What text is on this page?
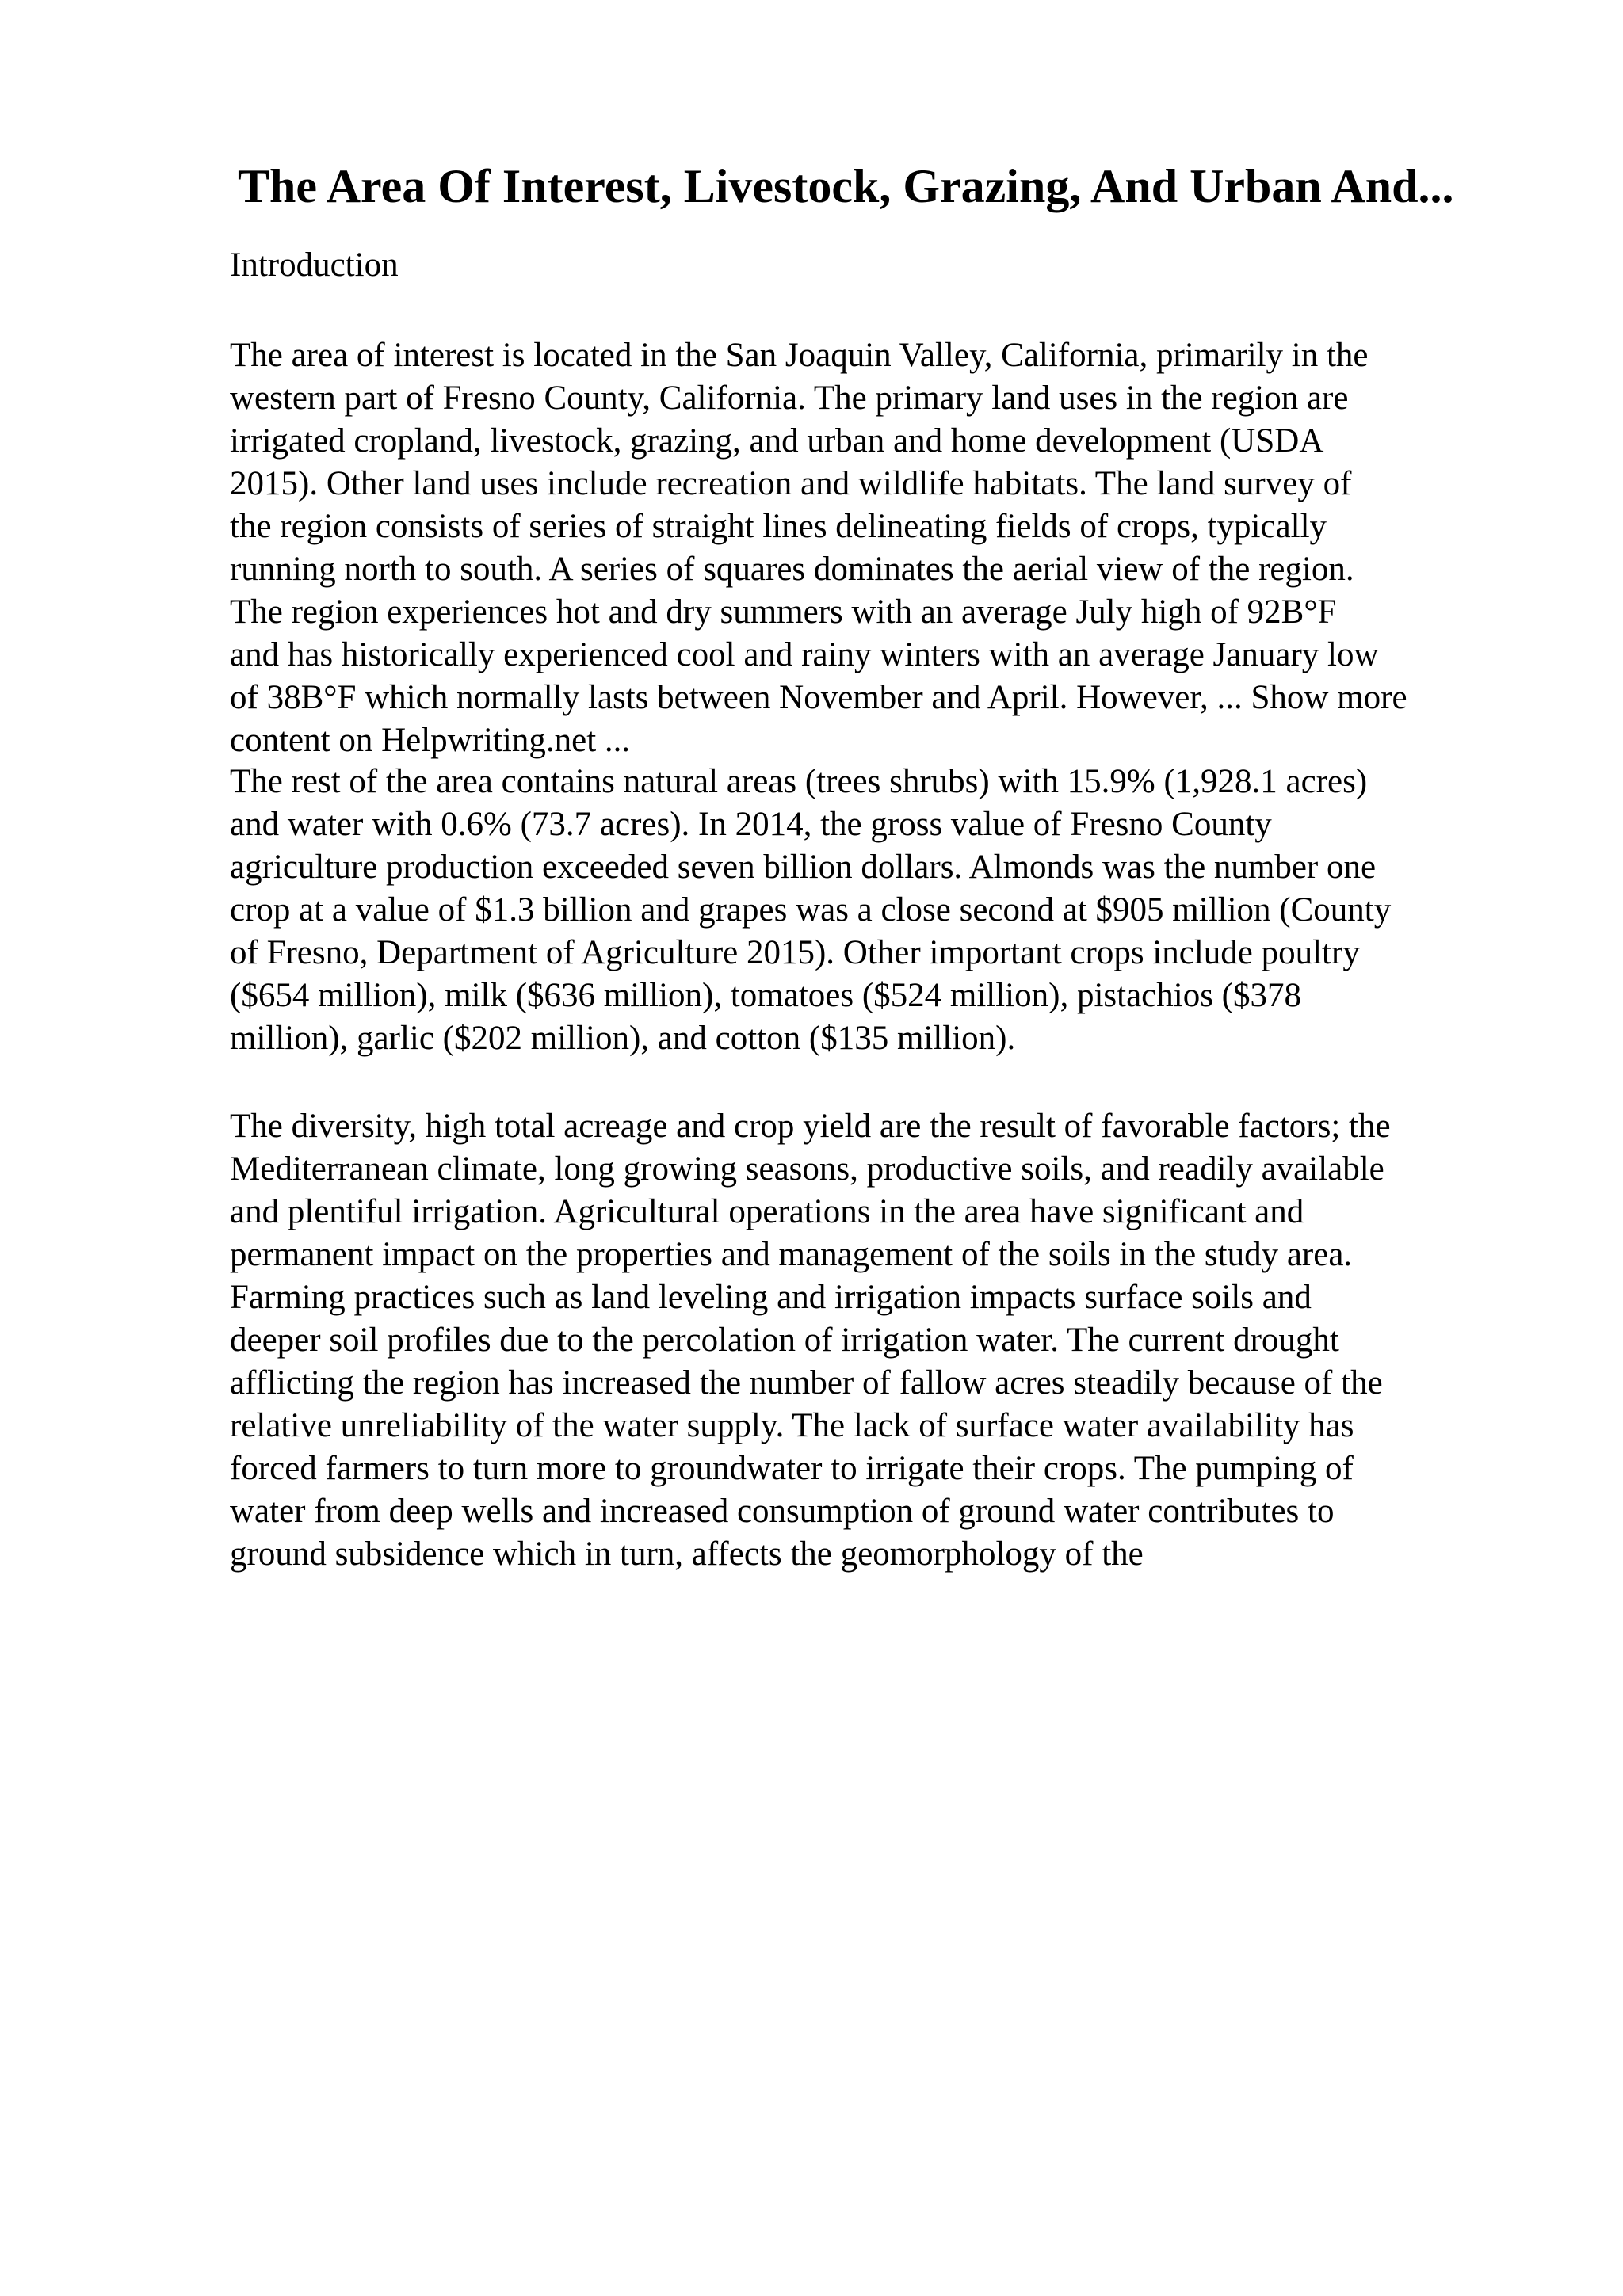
The Area Of Interest, Livestock, Grazing, And Urban And...
Introduction
The area of interest is located in the San Joaquin Valley, California, primarily in the
western part of Fresno County, California. The primary land uses in the region are
irrigated cropland, livestock, grazing, and urban and home development (USDA
2015). Other land uses include recreation and wildlife habitats. The land survey of
the region consists of series of straight lines delineating fields of crops, typically
running north to south. A series of squares dominates the aerial view of the region.
The region experiences hot and dry summers with an average July high of 92B°F
and has historically experienced cool and rainy winters with an average January low
of 38B°F which normally lasts between November and April. However, ... Show more
content on Helpwriting.net ...
The rest of the area contains natural areas (trees shrubs) with 15.9% (1,928.1 acres)
and water with 0.6% (73.7 acres). In 2014, the gross value of Fresno County
agriculture production exceeded seven billion dollars. Almonds was the number one
crop at a value of $1.3 billion and grapes was a close second at $905 million (County
of Fresno, Department of Agriculture 2015). Other important crops include poultry
($654 million), milk ($636 million), tomatoes ($524 million), pistachios ($378
million), garlic ($202 million), and cotton ($135 million).
The diversity, high total acreage and crop yield are the result of favorable factors; the
Mediterranean climate, long growing seasons, productive soils, and readily available
and plentiful irrigation. Agricultural operations in the area have significant and
permanent impact on the properties and management of the soils in the study area.
Farming practices such as land leveling and irrigation impacts surface soils and
deeper soil profiles due to the percolation of irrigation water. The current drought
afflicting the region has increased the number of fallow acres steadily because of the
relative unreliability of the water supply. The lack of surface water availability has
forced farmers to turn more to groundwater to irrigate their crops. The pumping of
water from deep wells and increased consumption of ground water contributes to
ground subsidence which in turn, affects the geomorphology of the
